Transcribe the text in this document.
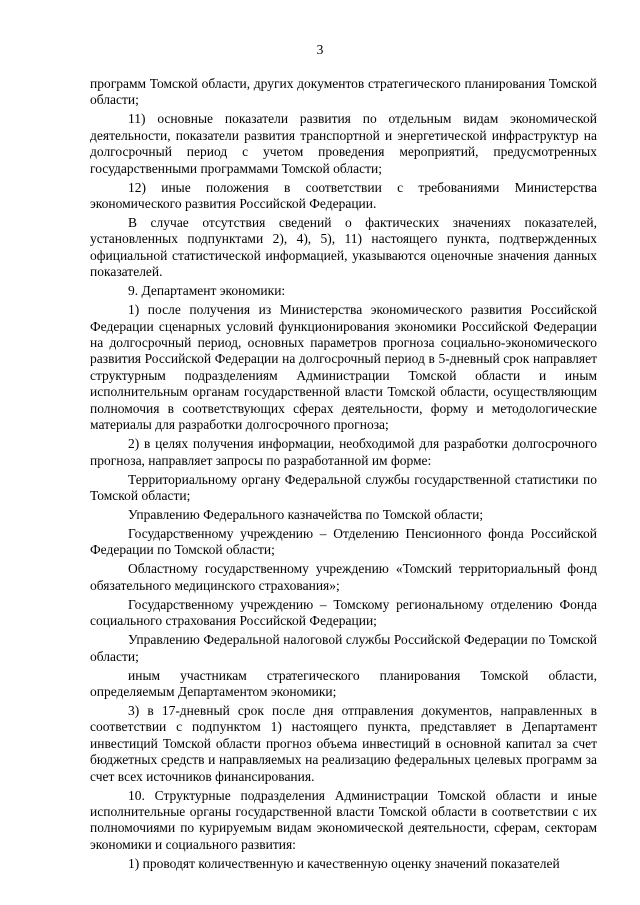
3

программ Томской области, других документов стратегического планирования Томской области;

11) основные показатели развития по отдельным видам экономической деятельности, показатели развития транспортной и энергетической инфраструктур на долгосрочный период с учетом проведения мероприятий, предусмотренных государственными программами Томской области;

12) иные положения в соответствии с требованиями Министерства экономического развития Российской Федерации.

В случае отсутствия сведений о фактических значениях показателей, установленных подпунктами 2), 4), 5), 11) настоящего пункта, подтвержденных официальной статистической информацией, указываются оценочные значения данных показателей.

9. Департамент экономики:

1) после получения из Министерства экономического развития Российской Федерации сценарных условий функционирования экономики Российской Федерации на долгосрочный период, основных параметров прогноза социально-экономического развития Российской Федерации на долгосрочный период в 5-дневный срок направляет структурным подразделениям Администрации Томской области и иным исполнительным органам государственной власти Томской области, осуществляющим полномочия в соответствующих сферах деятельности, форму и методологические материалы для разработки долгосрочного прогноза;

2) в целях получения информации, необходимой для разработки долгосрочного прогноза, направляет запросы по разработанной им форме:

Территориальному органу Федеральной службы государственной статистики по Томской области;

Управлению Федерального казначейства по Томской области;

Государственному учреждению – Отделению Пенсионного фонда Российской Федерации по Томской области;

Областному государственному учреждению «Томский территориальный фонд обязательного медицинского страхования»;

Государственному учреждению – Томскому региональному отделению Фонда социального страхования Российской Федерации;

Управлению Федеральной налоговой службы Российской Федерации по Томской области;

иным участникам стратегического планирования Томской области, определяемым Департаментом экономики;

3) в 17-дневный срок после дня отправления документов, направленных в соответствии с подпунктом 1) настоящего пункта, представляет в Департамент инвестиций Томской области прогноз объема инвестиций в основной капитал за счет бюджетных средств и направляемых на реализацию федеральных целевых программ за счет всех источников финансирования.

10. Структурные подразделения Администрации Томской области и иные исполнительные органы государственной власти Томской области в соответствии с их полномочиями по курируемым видам экономической деятельности, сферам, секторам экономики и социального развития:

1) проводят количественную и качественную оценку значений показателей
